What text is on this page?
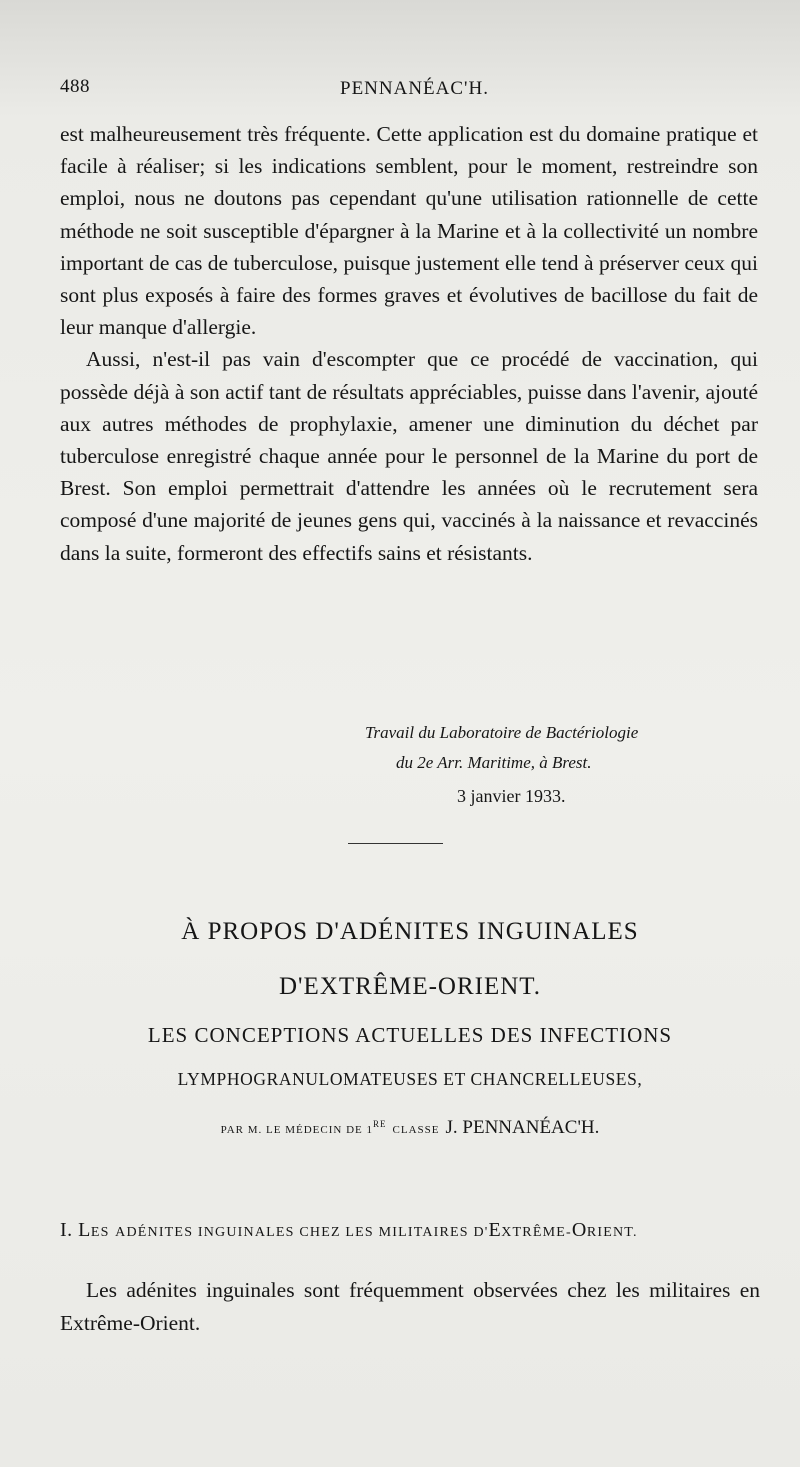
488	PENNANÉAC'H.

est malheureusement très fréquente. Cette application est du domaine pratique et facile à réaliser; si les indications semblent, pour le moment, restreindre son emploi, nous ne doutons pas cependant qu'une utilisation rationnelle de cette méthode ne soit susceptible d'épargner à la Marine et à la collectivité un nombre important de cas de tuberculose, puisque justement elle tend à préserver ceux qui sont plus exposés à faire des formes graves et évolutives de bacillose du fait de leur manque d'allergie.

Aussi, n'est-il pas vain d'escompter que ce procédé de vaccination, qui possède déjà à son actif tant de résultats appréciables, puisse dans l'avenir, ajouté aux autres méthodes de prophylaxie, amener une diminution du déchet par tuberculose enregistré chaque année pour le personnel de la Marine du port de Brest. Son emploi permettrait d'attendre les années où le recrutement sera composé d'une majorité de jeunes gens qui, vaccinés à la naissance et revaccinés dans la suite, formeront des effectifs sains et résistants.

Travail du Laboratoire de Bactériologie
du 2e Arr. Maritime, à Brest.
3 janvier 1933.
À PROPOS D'ADÉNITES INGUINALES
D'EXTRÊME-ORIENT.
LES CONCEPTIONS ACTUELLES DES INFECTIONS
LYMPHOGRANULOMATEUSES ET CHANCRELLEUSES,
PAR M. LE MÉDECIN DE 1RE CLASSE J. PENNANÉAC'H.
I. LES ADÉNITES INGUINALES CHEZ LES MILITAIRES D'EXTRÊME-ORIENT.

Les adénites inguinales sont fréquemment observées chez les militaires en Extrême-Orient.
